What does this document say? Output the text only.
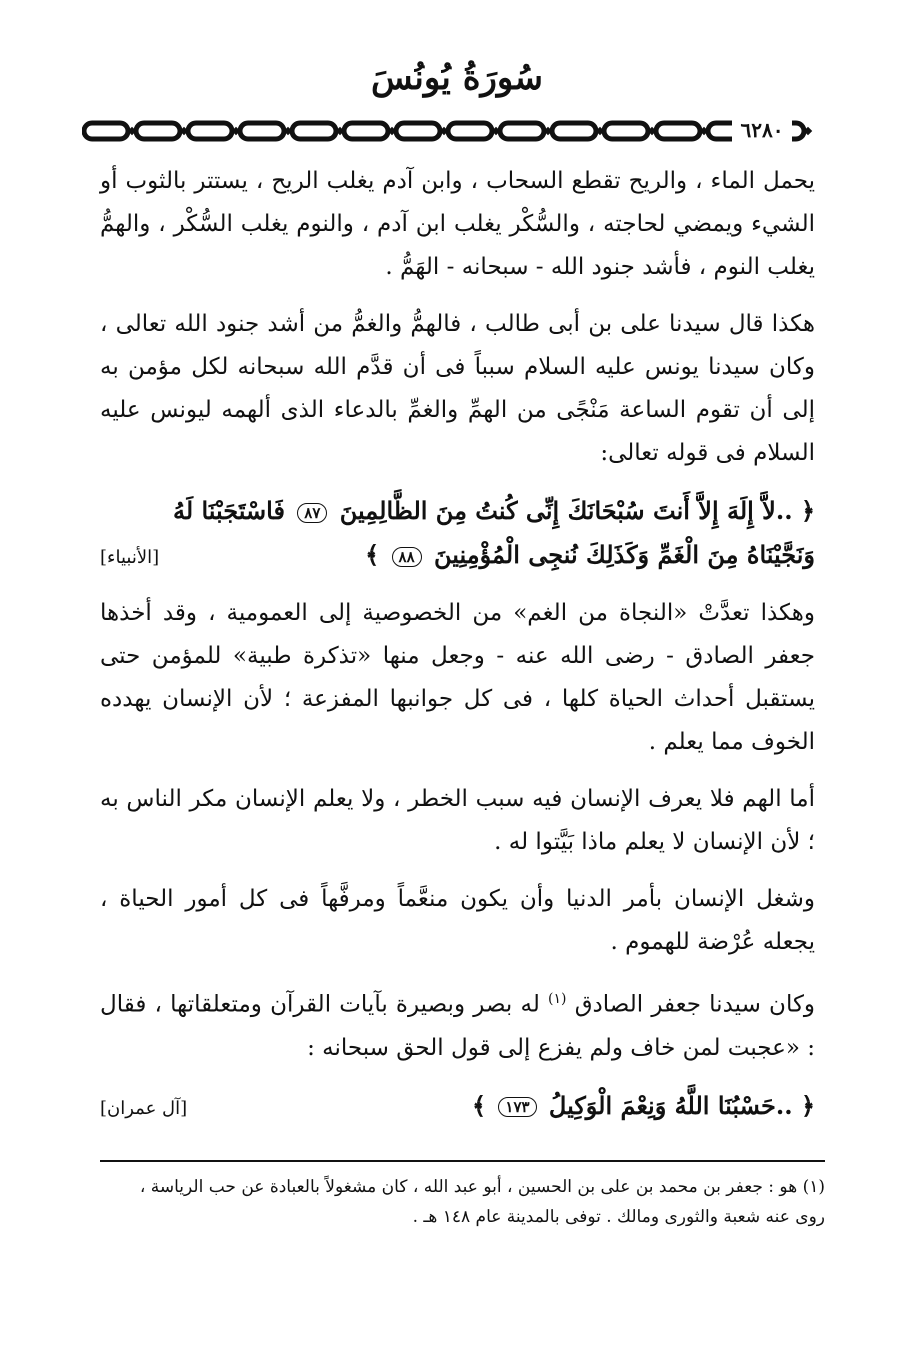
سُورَةُ يُونُسَ
٦٢٨٠

يحمل الماء ، والريح تقطع السحاب ، وابن آدم يغلب الريح ، يستتر بالثوب أو الشيء ويمضي لحاجته ، والسُّكْر يغلب ابن آدم ، والنوم يغلب السُّكْر ، والهمُّ يغلب النوم ، فأشد جنود الله - سبحانه - الهَمُّ .

هكذا قال سيدنا على بن أبى طالب ، فالهمُّ والغمُّ من أشد جنود الله تعالى ، وكان سيدنا يونس عليه السلام سبباً فى أن قدَّم الله سبحانه لكل مؤمن به إلى أن تقوم الساعة مَنْجًى من الهمِّ والغمِّ بالدعاء الذى ألهمه ليونس عليه السلام فى قوله تعالى:

﴿ ..لاَّ إِلَهَ إِلاَّ أَنتَ سُبْحَانَكَ إِنِّى كُنتُ مِنَ الظَّالِمِينَ ٨٧ فَاسْتَجَبْنَا لَهُ
وَنَجَّيْنَاهُ مِنَ الْغَمِّ وَكَذَلِكَ نُنجِى الْمُؤْمِنِينَ ٨٨ ﴾
[الأنبياء]

وهكذا تعدَّتْ «النجاة من الغم» من الخصوصية إلى العمومية ، وقد أخذها جعفر الصادق - رضى الله عنه - وجعل منها «تذكرة طبية» للمؤمن حتى يستقبل أحداث الحياة كلها ، فى كل جوانبها المفزعة ؛ لأن الإنسان يهدده الخوف مما يعلم .

أما الهم فلا يعرف الإنسان فيه سبب الخطر ، ولا يعلم الإنسان مكر الناس به ؛ لأن الإنسان لا يعلم ماذا بَيَّتوا له .

وشغل الإنسان بأمر الدنيا وأن يكون منعَّماً ومرفَّهاً فى كل أمور الحياة ، يجعله عُرْضة للهموم .

وكان سيدنا جعفر الصادق $^{(١)}$ له بصر وبصيرة بآيات القرآن ومتعلقاتها ، فقال : «عجبت لمن خاف ولم يفزع إلى قول الحق سبحانه :

﴿ ..حَسْبُنَا اللَّهُ وَنِعْمَ الْوَكِيلُ ١٧٣ ﴾
[آل عمران]
(١) هو : جعفر بن محمد بن على بن الحسين ، أبو عبد الله ، كان مشغولاً بالعبادة عن حب الرياسة ،
روى عنه شعبة والثورى ومالك . توفى بالمدينة عام ١٤٨ هـ .
